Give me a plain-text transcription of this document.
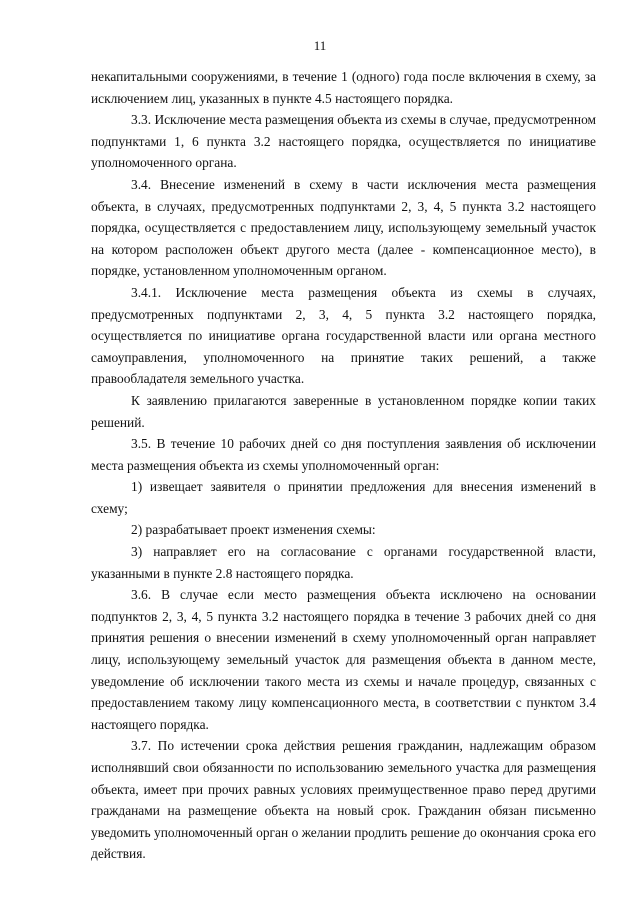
11

некапитальными сооружениями, в течение 1 (одного) года после включения в схему, за исключением лиц, указанных в пункте 4.5 настоящего порядка.

3.3. Исключение места размещения объекта из схемы в случае, предусмотренном подпунктами 1, 6 пункта 3.2 настоящего порядка, осуществляется по инициативе уполномоченного органа.

3.4. Внесение изменений в схему в части исключения места размещения объекта, в случаях, предусмотренных подпунктами 2, 3, 4, 5 пункта 3.2 настоящего порядка, осуществляется с предоставлением лицу, использующему земельный участок на котором расположен объект другого места (далее - компенсационное место), в порядке, установленном уполномоченным органом.

3.4.1. Исключение места размещения объекта из схемы в случаях, предусмотренных подпунктами 2, 3, 4, 5 пункта 3.2 настоящего порядка, осуществляется по инициативе органа государственной власти или органа местного самоуправления, уполномоченного на принятие таких решений, а также правообладателя земельного участка.

К заявлению прилагаются заверенные в установленном порядке копии таких решений.

3.5. В течение 10 рабочих дней со дня поступления заявления об исключении места размещения объекта из схемы уполномоченный орган:

1) извещает заявителя о принятии предложения для внесения изменений в схему;

2) разрабатывает проект изменения схемы:

3) направляет его на согласование с органами государственной власти, указанными в пункте 2.8 настоящего порядка.

3.6. В случае если место размещения объекта исключено на основании подпунктов 2, 3, 4, 5 пункта 3.2 настоящего порядка в течение 3 рабочих дней со дня принятия решения о внесении изменений в схему уполномоченный орган направляет лицу, использующему земельный участок для размещения объекта в данном месте, уведомление об исключении такого места из схемы и начале процедур, связанных с предоставлением такому лицу компенсационного места, в соответствии с пунктом 3.4 настоящего порядка.

3.7. По истечении срока действия решения гражданин, надлежащим образом исполнявший свои обязанности по использованию земельного участка для размещения объекта, имеет при прочих равных условиях преимущественное право перед другими гражданами на размещение объекта на новый срок. Гражданин обязан письменно уведомить уполномоченный орган о желании продлить решение до окончания срока его действия.
